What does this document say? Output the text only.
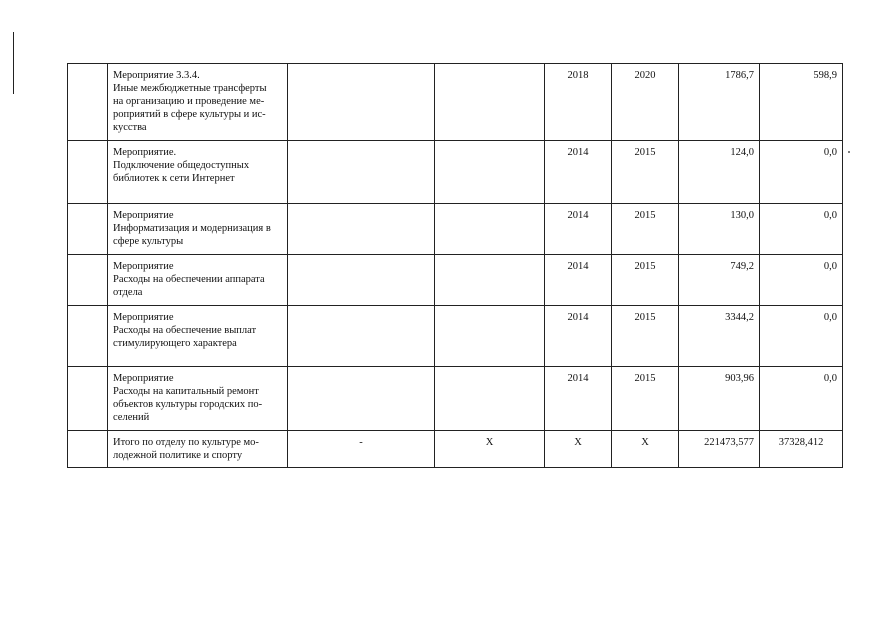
	Мероприятие 3.3.4.
Иные межбюджетные трансферты
на организацию и проведение ме-
роприятий в сфере культуры и ис-
кусства			2018	2020	1786,7	598,9
	Мероприятие.
Подключение общедоступных
библиотек к сети Интернет			2014	2015	124,0	0,0
	Мероприятие
Информатизация и модернизация в
сфере культуры			2014	2015	130,0	0,0
	Мероприятие
Расходы на обеспечении аппарата
отдела			2014	2015	749,2	0,0
	Мероприятие
Расходы на обеспечение выплат
стимулирующего характера			2014	2015	3344,2	0,0
	Мероприятие
Расходы на капитальный ремонт
объектов культуры городских по-
селений			2014	2015	903,96	0,0
	Итого по отделу по культуре мо-
лодежной политике и спорту	-	Х	Х	Х	221473,577	37328,412
